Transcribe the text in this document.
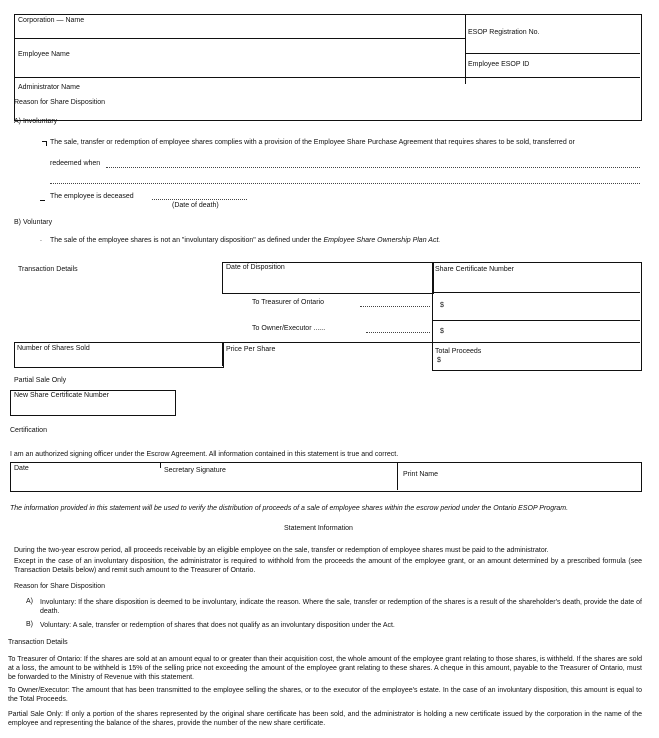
Corporation — Name
Employee Name
Administrator Name
ESOP Registration No.
Employee ESOP ID
Reason for Share Disposition
A) Involuntary
The sale, transfer or redemption of employee shares complies with a provision of the Employee Share Purchase Agreement that requires shares to be sold, transferred or
redeemed when
The employee is deceased
(Date of death)
B) Voluntary
. The sale of the employee shares is not an "involuntary disposition" as defined under the Employee Share Ownership Plan Act.
Transaction Details	Date of Disposition	Share Certificate Number
To Treasurer of Ontario	$
To Owner/Executor ......	$
Number of Shares Sold	Price Per Share	Total Proceeds
$
Partial Sale Only
New Share Certificate Number
Certification
I am an authorized signing officer under the Escrow Agreement. All information contained in this statement is true and correct.
Date	Secretary Signature
Print Name
The information provided in this statement will be used to verify the distribution of proceeds of a sale of employee shares within the escrow period under the Ontario ESOP Program.
Statement Information
During the two-year escrow period, all proceeds receivable by an eligible employee on the sale, transfer or redemption of employee shares must be paid to the administrator.
Except in the case of an involuntary disposition, the administrator is required to withhold from the proceeds the amount of the employee grant, or an amount determined by a prescribed formula (see Transaction Details below) and remit such amount to the Treasurer of Ontario.
Reason for Share Disposition
A) Involuntary: If the share disposition is deemed to be involuntary, indicate the reason. Where the sale, transfer or redemption of the shares is a result of the shareholder's death, provide the date of death.
B) Voluntary: A sale, transfer or redemption of shares that does not qualify as an involuntary disposition under the Act.
Transaction Details
To Treasurer of Ontario: If the shares are sold at an amount equal to or greater than their acquisition cost, the whole amount of the employee grant relating to those shares, is withheld. If the shares are sold at a loss, the amount to be withheld is 15% of the selling price not exceeding the amount of the employee grant relating to these shares. A cheque in this amount, payable to the Treasurer of Ontario, must be forwarded to the Ministry of Revenue with this statement.
To Owner/Executor: The amount that has been transmitted to the employee selling the shares, or to the executor of the employee's estate. In the case of an involuntary disposition, this amount is equal to the Total Proceeds.
Partial Sale Only: If only a portion of the shares represented by the original share certificate has been sold, and the administrator is holding a new certificate issued by the corporation in the name of the employee and representing the balance of the shares, provide the number of the new share certificate.
